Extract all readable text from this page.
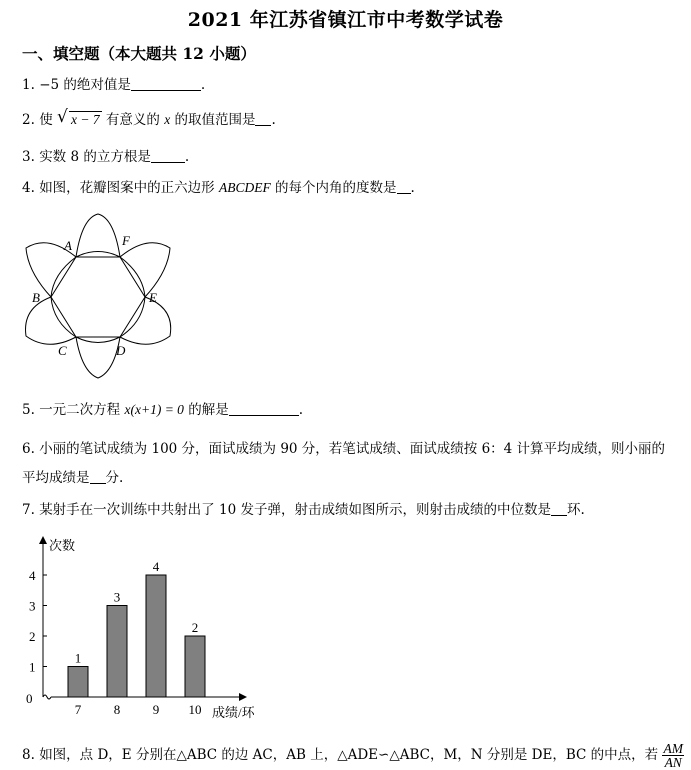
2021 年江苏省镇江市中考数学试卷
一、填空题（本大题共 12 小题）
1. −5 的绝对值是	.
2. 使 √ x − 7 有意义的 x 的取值范围是 .
3. 实数 8 的立方根是	.
4. 如图，花瓣图案中的正六边形 ABCDEF 的每个内角的度数是 .
A	F
B	E
C	D
5. 一元二次方程 x(x+1) = 0 的解是	.
6. 小丽的笔试成绩为 100 分，面试成绩为 90 分，若笔试成绩、面试成绩按 6：4 计算平均成绩，则小丽的
平均成绩是 分.
7. 某射手在一次训练中共射出了 10 发子弹，射击成绩如图所示，则射击成绩的中位数是 环.
1
2
3
4
0
次数
1
7
3
8
4
9
2
10 成绩/环
8. 如图，点 D，E 分别在△ABC 的边 AC，AB 上，△ADE∽△ABC，M，N 分别是 DE，BC 的中点，若 $\frac{AM}{AN}$
